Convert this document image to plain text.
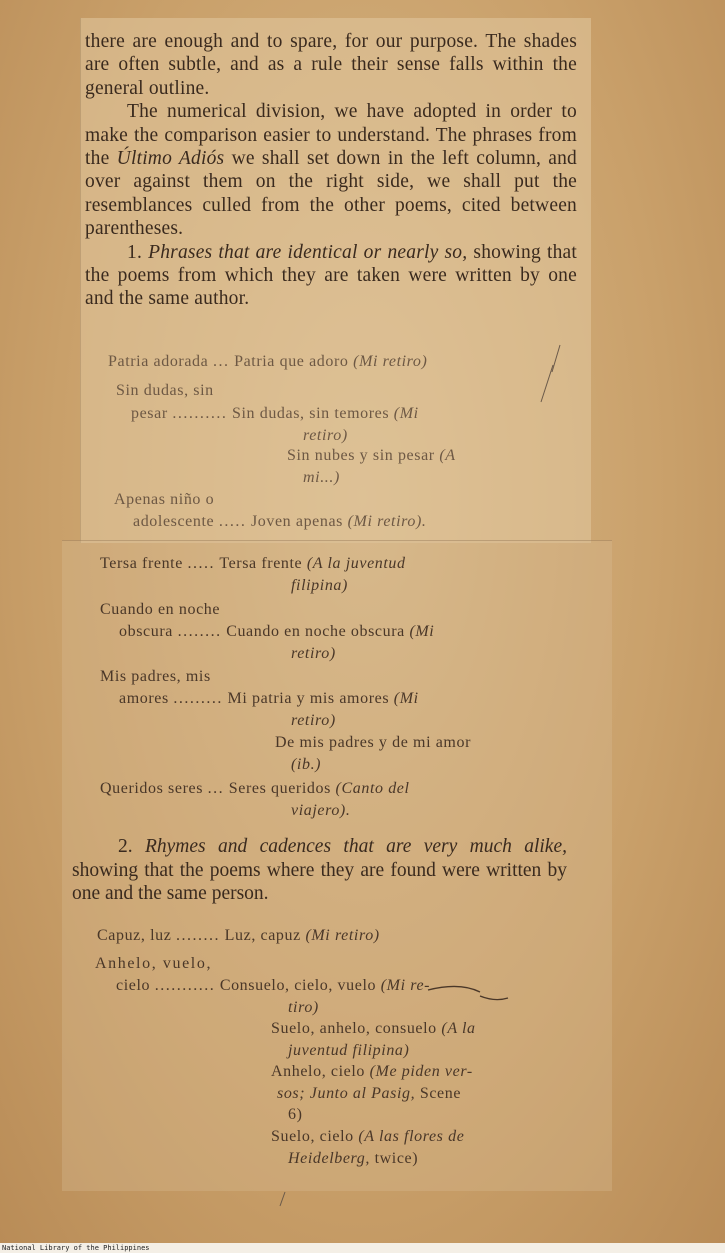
there are enough and to spare, for our purpose. The shades are often subtle, and as a rule their sense falls within the general outline.

The numerical division, we have adopted in order to make the comparison easier to understand. The phrases from the Último Adiós we shall set down in the left column, and over against them on the right side, we shall put the resemblances culled from the other poems, cited between parentheses.

1. Phrases that are identical or nearly so, showing that the poems from which they are taken were written by one and the same author.

Patria adorada ... Patria que adoro (Mi retiro)
Sin dudas, sin
pesar .......... Sin dudas, sin temores (Mi
retiro)
Sin nubes y sin pesar (A
mi...)
Apenas niño o
adolescente ..... Joven apenas (Mi retiro).
Tersa frente ..... Tersa frente (A la juventud
filipina)
Cuando en noche
obscura ........ Cuando en noche obscura (Mi
retiro)
Mis padres, mis
amores ......... Mi patria y mis amores (Mi
retiro)
De mis padres y de mi amor
(ib.)
Queridos seres ... Seres queridos (Canto del
viajero).

2. Rhymes and cadences that are very much alike, showing that the poems where they are found were written by one and the same person.

Capuz, luz ........ Luz, capuz (Mi retiro)
Anhelo, vuelo,
cielo ........... Consuelo, cielo, vuelo (Mi re-
tiro)
Suelo, anhelo, consuelo (A la
juventud filipina)
Anhelo, cielo (Me piden ver-
sos; Junto al Pasig, Scene
6)
Suelo, cielo (A las flores de
Heidelberg, twice)
National Library of the Philippines
